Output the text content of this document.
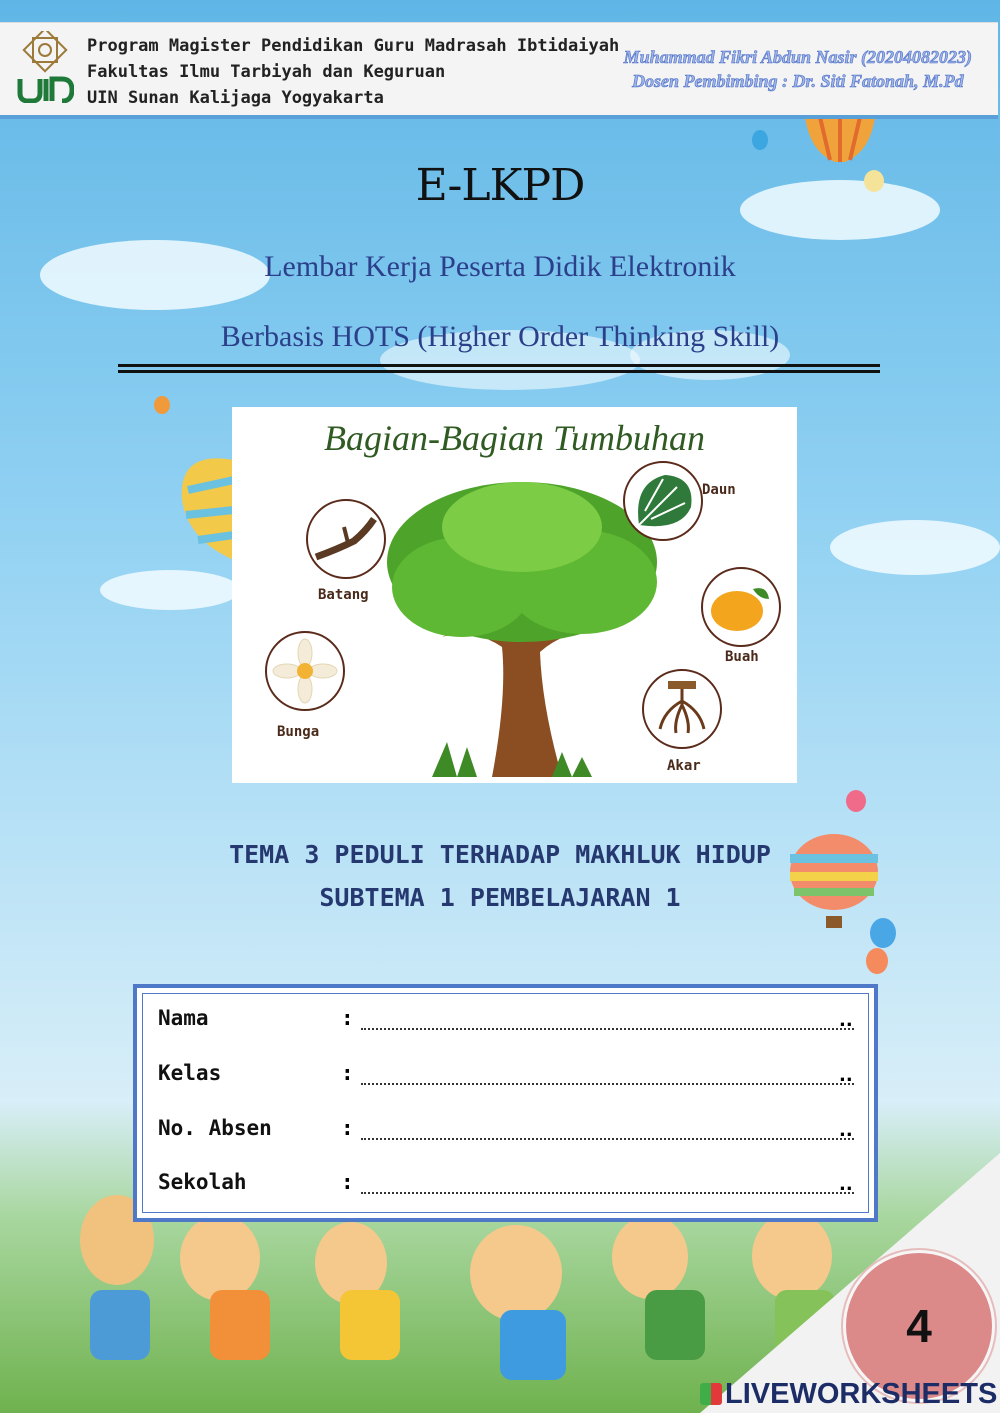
Program Magister Pendidikan Guru Madrasah Ibtidaiyah
Fakultas Ilmu Tarbiyah dan Keguruan
UIN Sunan Kalijaga Yogyakarta
Muhammad Fikri Abdun Nasir (20204082023)
Dosen Pembimbing : Dr. Siti Fatonah, M.Pd
E-LKPD
Lembar Kerja Peserta Didik Elektronik
Berbasis HOTS (Higher Order Thinking Skill)
Bagian-Bagian Tumbuhan
Batang
Daun
Buah
Bunga
Akar
TEMA 3 PEDULI TERHADAP MAKHLUK HIDUP
SUBTEMA 1 PEMBELAJARAN 1
Nama	:	..
Kelas	:	..
No. Absen	:	..
Sekolah	:	..
4
LIVEWORKSHEETS
